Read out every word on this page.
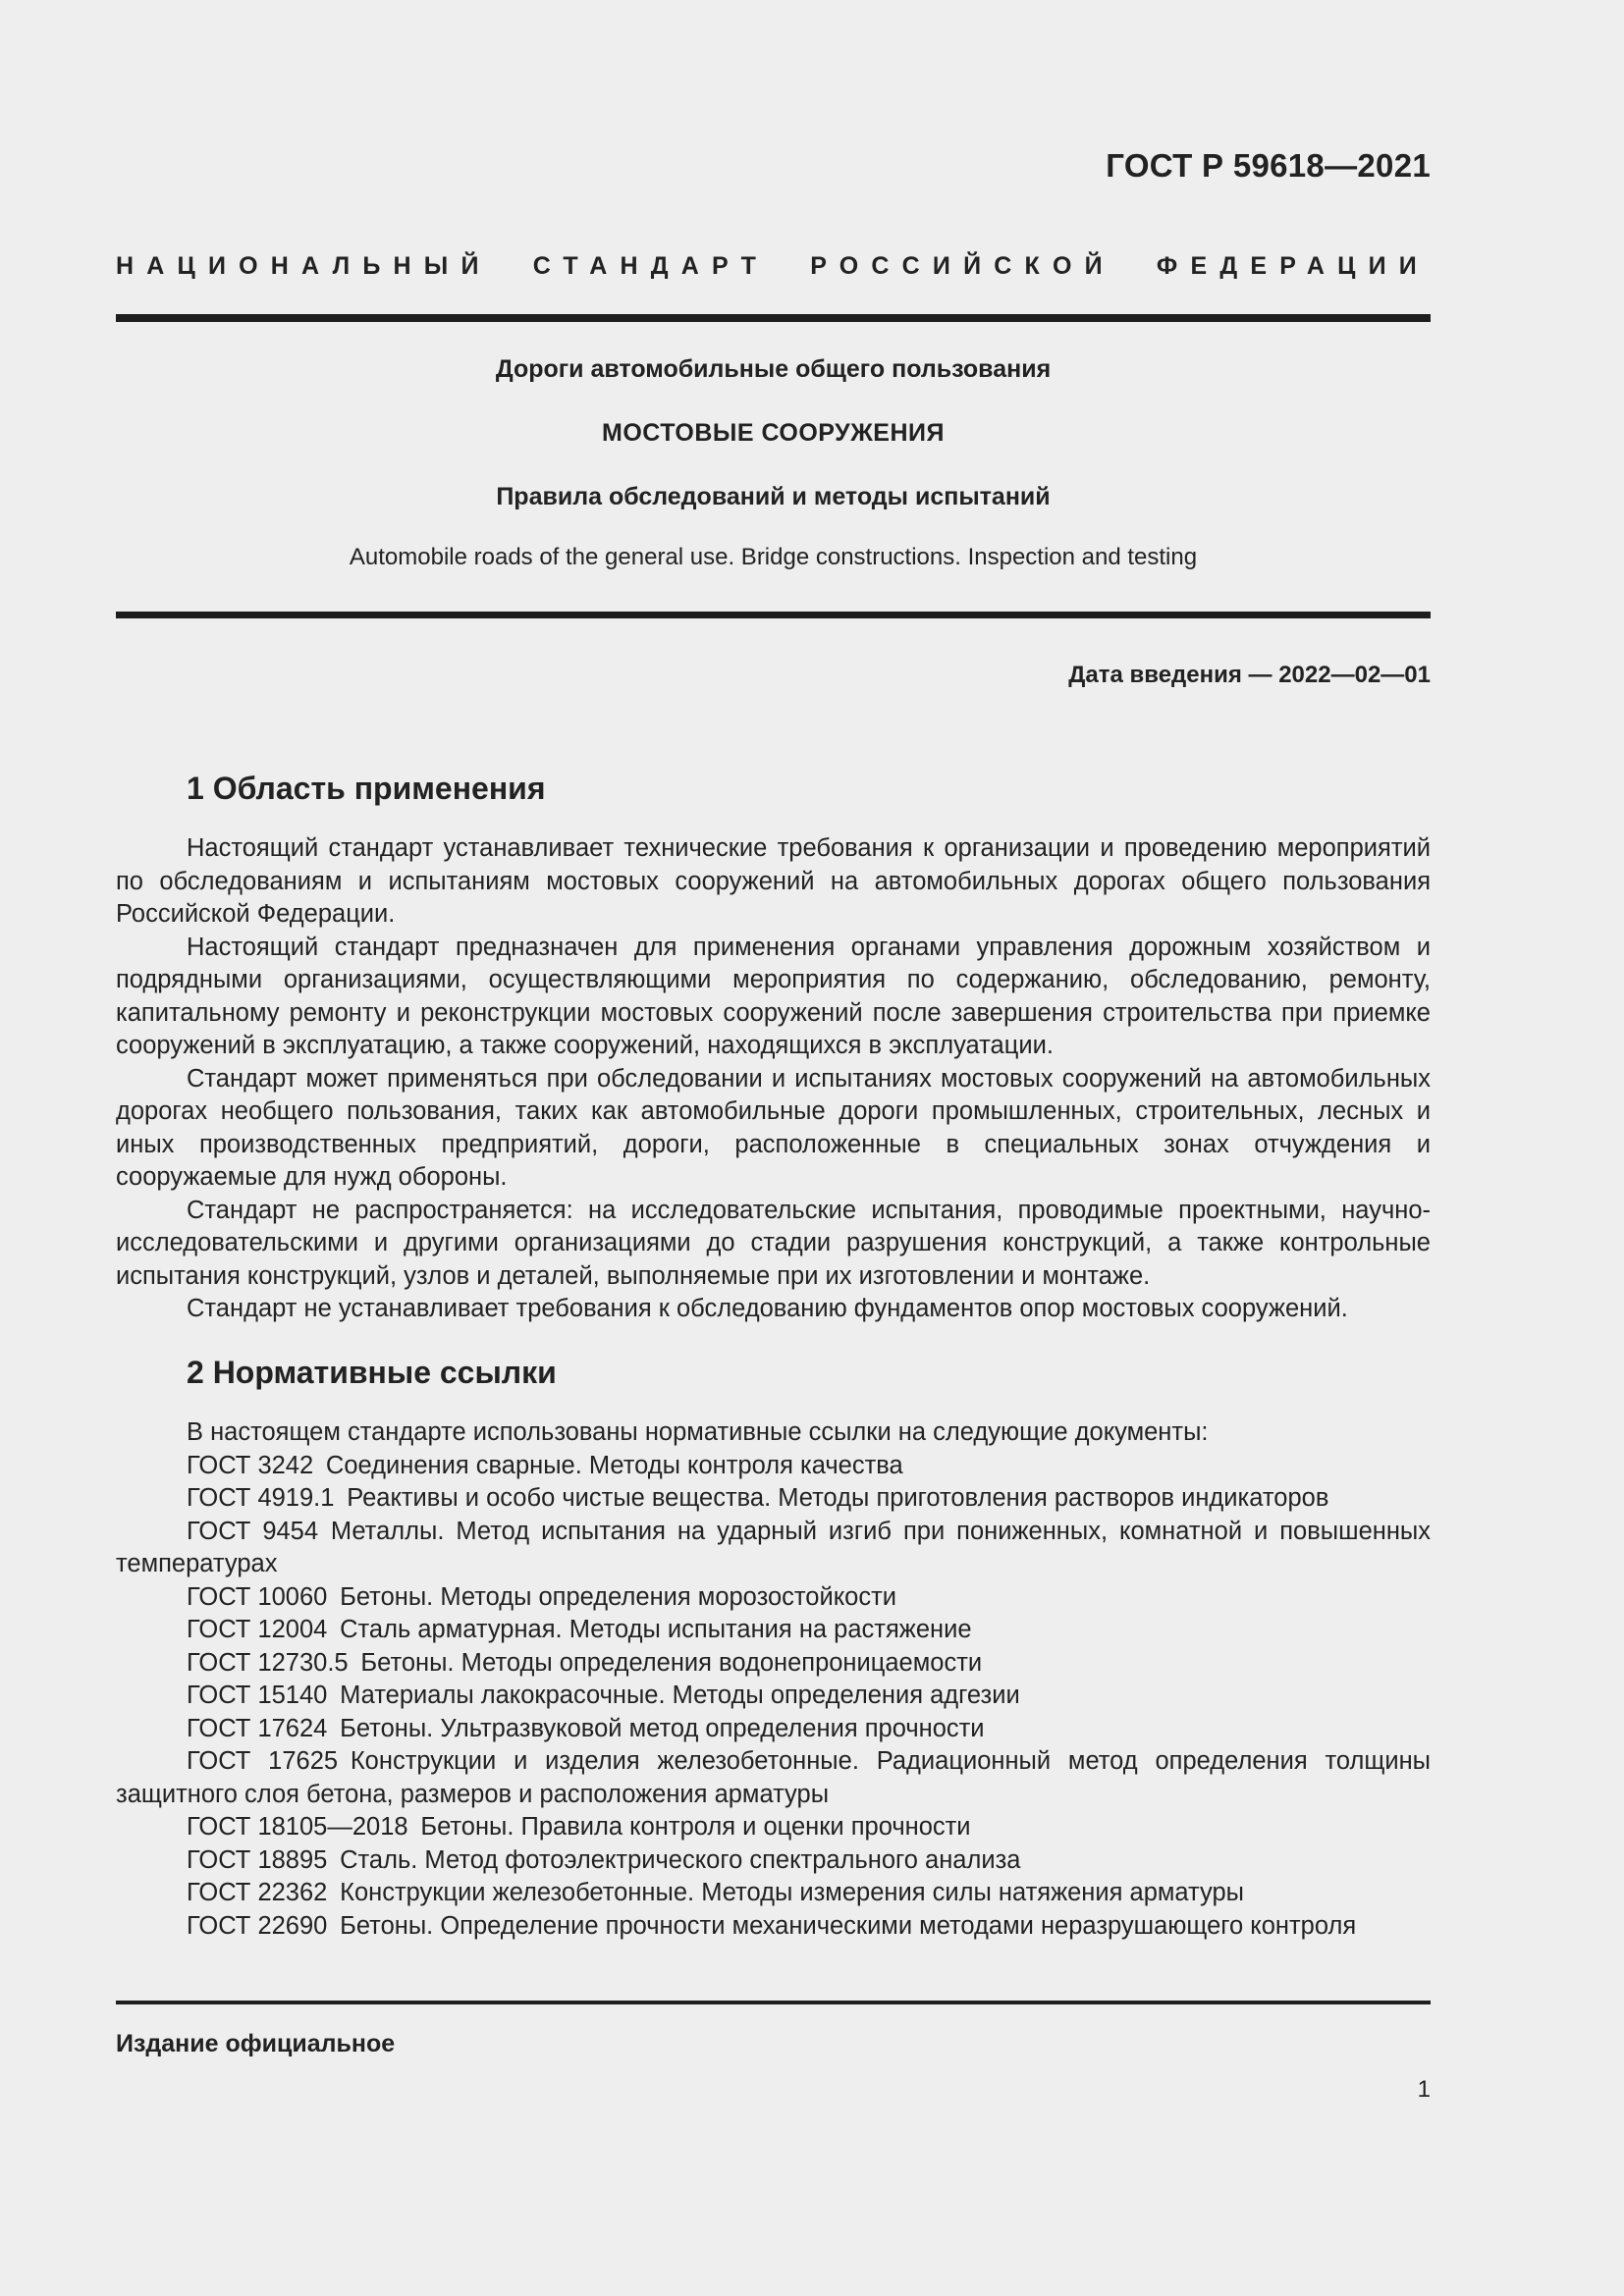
ГОСТ Р 59618—2021
НАЦИОНАЛЬНЫЙ СТАНДАРТ РОССИЙСКОЙ ФЕДЕРАЦИИ
Дороги автомобильные общего пользования
МОСТОВЫЕ СООРУЖЕНИЯ
Правила обследований и методы испытаний
Automobile roads of the general use. Bridge constructions. Inspection and testing
Дата введения — 2022—02—01
1 Область применения

Настоящий стандарт устанавливает технические требования к организации и проведению мероприятий по обследованиям и испытаниям мостовых сооружений на автомобильных дорогах общего пользования Российской Федерации.

Настоящий стандарт предназначен для применения органами управления дорожным хозяйством и подрядными организациями, осуществляющими мероприятия по содержанию, обследованию, ремонту, капитальному ремонту и реконструкции мостовых сооружений после завершения строительства при приемке сооружений в эксплуатацию, а также сооружений, находящихся в эксплуатации.

Стандарт может применяться при обследовании и испытаниях мостовых сооружений на автомобильных дорогах необщего пользования, таких как автомобильные дороги промышленных, строительных, лесных и иных производственных предприятий, дороги, расположенные в специальных зонах отчуждения и сооружаемые для нужд обороны.

Стандарт не распространяется: на исследовательские испытания, проводимые проектными, научно-исследовательскими и другими организациями до стадии разрушения конструкций, а также контрольные испытания конструкций, узлов и деталей, выполняемые при их изготовлении и монтаже.

Стандарт не устанавливает требования к обследованию фундаментов опор мостовых сооружений.

2 Нормативные ссылки

В настоящем стандарте использованы нормативные ссылки на следующие документы:

ГОСТ 3242  Соединения сварные. Методы контроля качества

ГОСТ 4919.1  Реактивы и особо чистые вещества. Методы приготовления растворов индикаторов

ГОСТ 9454  Металлы. Метод испытания на ударный изгиб при пониженных, комнатной и повышенных температурах

ГОСТ 10060  Бетоны. Методы определения морозостойкости

ГОСТ 12004  Сталь арматурная. Методы испытания на растяжение

ГОСТ 12730.5  Бетоны. Методы определения водонепроницаемости

ГОСТ 15140  Материалы лакокрасочные. Методы определения адгезии

ГОСТ 17624  Бетоны. Ультразвуковой метод определения прочности

ГОСТ 17625  Конструкции и изделия железобетонные. Радиационный метод определения толщины защитного слоя бетона, размеров и расположения арматуры

ГОСТ 18105—2018  Бетоны. Правила контроля и оценки прочности

ГОСТ 18895  Сталь. Метод фотоэлектрического спектрального анализа

ГОСТ 22362  Конструкции железобетонные. Методы измерения силы натяжения арматуры

ГОСТ 22690  Бетоны. Определение прочности механическими методами неразрушающего контроля

Издание официальное
1
